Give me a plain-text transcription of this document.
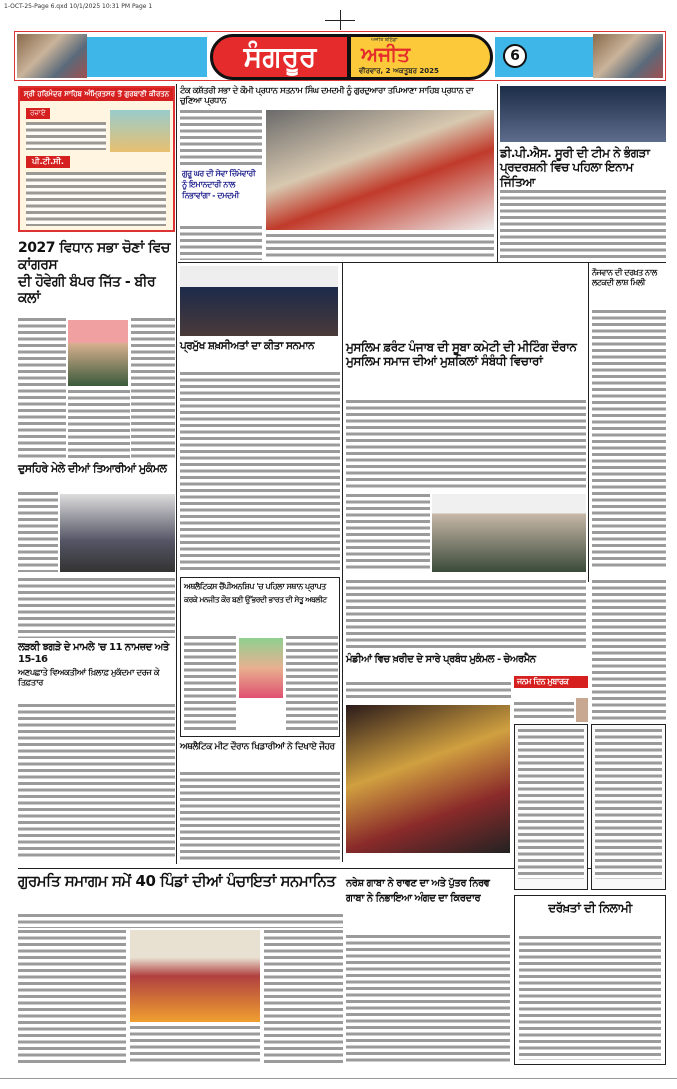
1-OCT-25-Page 6.qxd 10/1/2025 10:31 PM Page 1
ਸੰਗਰੂਰ	ਅਜੀਤ ਬਠਿੰਡਾ
ਅਜੀਤ
ਵੀਰਵਾਰ, 2 ਅਕਤੂਬਰ 2025
6
ਸ੍ਰੀ ਹਰਿਮੰਦਰ ਸਾਹਿਬ ਅੰਮ੍ਰਿਤਸਰ ਤੋਂ ਗੁਰਬਾਣੀ ਕੀਰਤਨ
ਰਜ਼ਾਏ
ਪੀ.ਟੀ.ਸੀ.
ਟੰਕ ਕਸ਼ੱਤਰੀ ਸਭਾ ਦੇ ਕੌਮੀ ਪ੍ਰਧਾਨ ਸਤਨਾਮ ਸਿੰਘ ਦਮਦਮੀ ਨੂੰ ਗੁਰਦੁਆਰਾ ਤਪਿਆਣਾ ਸਾਹਿਬ ਪ੍ਰਧਾਨ ਦਾ ਚੁਣਿਆ ਪ੍ਰਧਾਨ
ਗੁਰੂ ਘਰ ਦੀ ਸੇਵਾ ਜ਼ਿੰਮੇਵਾਰੀ ਨੂੰ ਇਮਾਨਦਾਰੀ ਨਾਲ ਨਿਭਾਵਾਂਗਾ - ਦਮਦਮੀ
ਡੀ.ਪੀ.ਐਸ. ਸੂਰੀ ਦੀ ਟੀਮ ਨੇ ਭੰਗੜਾ
ਪ੍ਰਦਰਸ਼ਨੀ ਵਿਚ ਪਹਿਲਾ ਇਨਾਮ ਜਿੱਤਿਆ
2027 ਵਿਧਾਨ ਸਭਾ ਚੋਣਾਂ ਵਿਚ ਕਾਂਗਰਸ
ਦੀ ਹੋਵੇਗੀ ਬੰਪਰ ਜਿੱਤ - ਬੀਰ ਕਲਾਂ
ਦੁਸਹਿਰੇ ਮੇਲੇ ਦੀਆਂ ਤਿਆਰੀਆਂ ਮੁਕੰਮਲ
ਲੜਕੀ ਝਗੜੇ ਦੇ ਮਾਮਲੇ 'ਚ 11 ਨਾਮਜ਼ਦ ਅਤੇ 15-16
ਅਣਪਛਾਤੇ ਵਿਅਕਤੀਆਂ ਖ਼ਿਲਾਫ਼ ਮੁਕੱਦਮਾ ਦਰਜ ਕੇ ਤਿਫ਼ਤਾਰ
ਪ੍ਰਮੁੱਖ ਸ਼ਖ਼ਸੀਅਤਾਂ ਦਾ ਕੀਤਾ ਸਨਮਾਨ
ਅਥਲੈਟਿਕਸ ਚੈਂਪੀਅਨਸ਼ਿਪ 'ਚ ਪਹਿਲਾ ਸਥਾਨ ਪ੍ਰਾਪਤ
ਕਰਕੇ ਮਨਜੀਤ ਕੌਰ ਬਣੀ ਉੱਭਰਦੀ ਭਾਰਤ ਦੀ ਸੇਤੂ ਅਥਲੀਟ
ਅਥਲੈਟਿਕ ਮੀਟ ਦੌਰਾਨ ਖਿਡਾਰੀਆਂ ਨੇ ਦਿਖਾਏ ਜੌਹਰ
ਮੁਸਲਿਮ ਫ਼ਰੰਟ ਪੰਜਾਬ ਦੀ ਸੂਬਾ ਕਮੇਟੀ ਦੀ ਮੀਟਿੰਗ ਦੌਰਾਨ
ਮੁਸਲਿਮ ਸਮਾਜ ਦੀਆਂ ਮੁਸ਼ਕਿਲਾਂ ਸੰਬੰਧੀ ਵਿਚਾਰਾਂ
ਮੰਡੀਆਂ ਵਿਚ ਖ਼ਰੀਦ ਦੇ ਸਾਰੇ ਪ੍ਰਬੰਧ ਮੁਕੰਮਲ - ਚੇਅਰਮੈਨ
ਨਰੇਸ਼ ਗਾਬਾ ਨੇ ਰਾਵਣ ਦਾ ਅਤੇ ਪੁੱਤਰ ਨਿਰਵ
ਗਾਬਾ ਨੇ ਨਿਭਾਇਆ ਅੰਗਦ ਦਾ ਕਿਰਦਾਰ
ਨੌਜਵਾਨ ਦੀ ਦਰਖ਼ਤ ਨਾਲ
ਲਟਕਦੀ ਲਾਸ਼ ਮਿਲੀ
ਜਨਮ ਦਿਨ ਮੁਬਾਰਕ
ਦਰੱਖ਼ਤਾਂ ਦੀ ਨਿਲਾਮੀ
ਗੁਰਮਤਿ ਸਮਾਗਮ ਸਮੇਂ 40 ਪਿੰਡਾਂ ਦੀਆਂ ਪੰਚਾਇਤਾਂ ਸਨਮਾਨਿਤ
